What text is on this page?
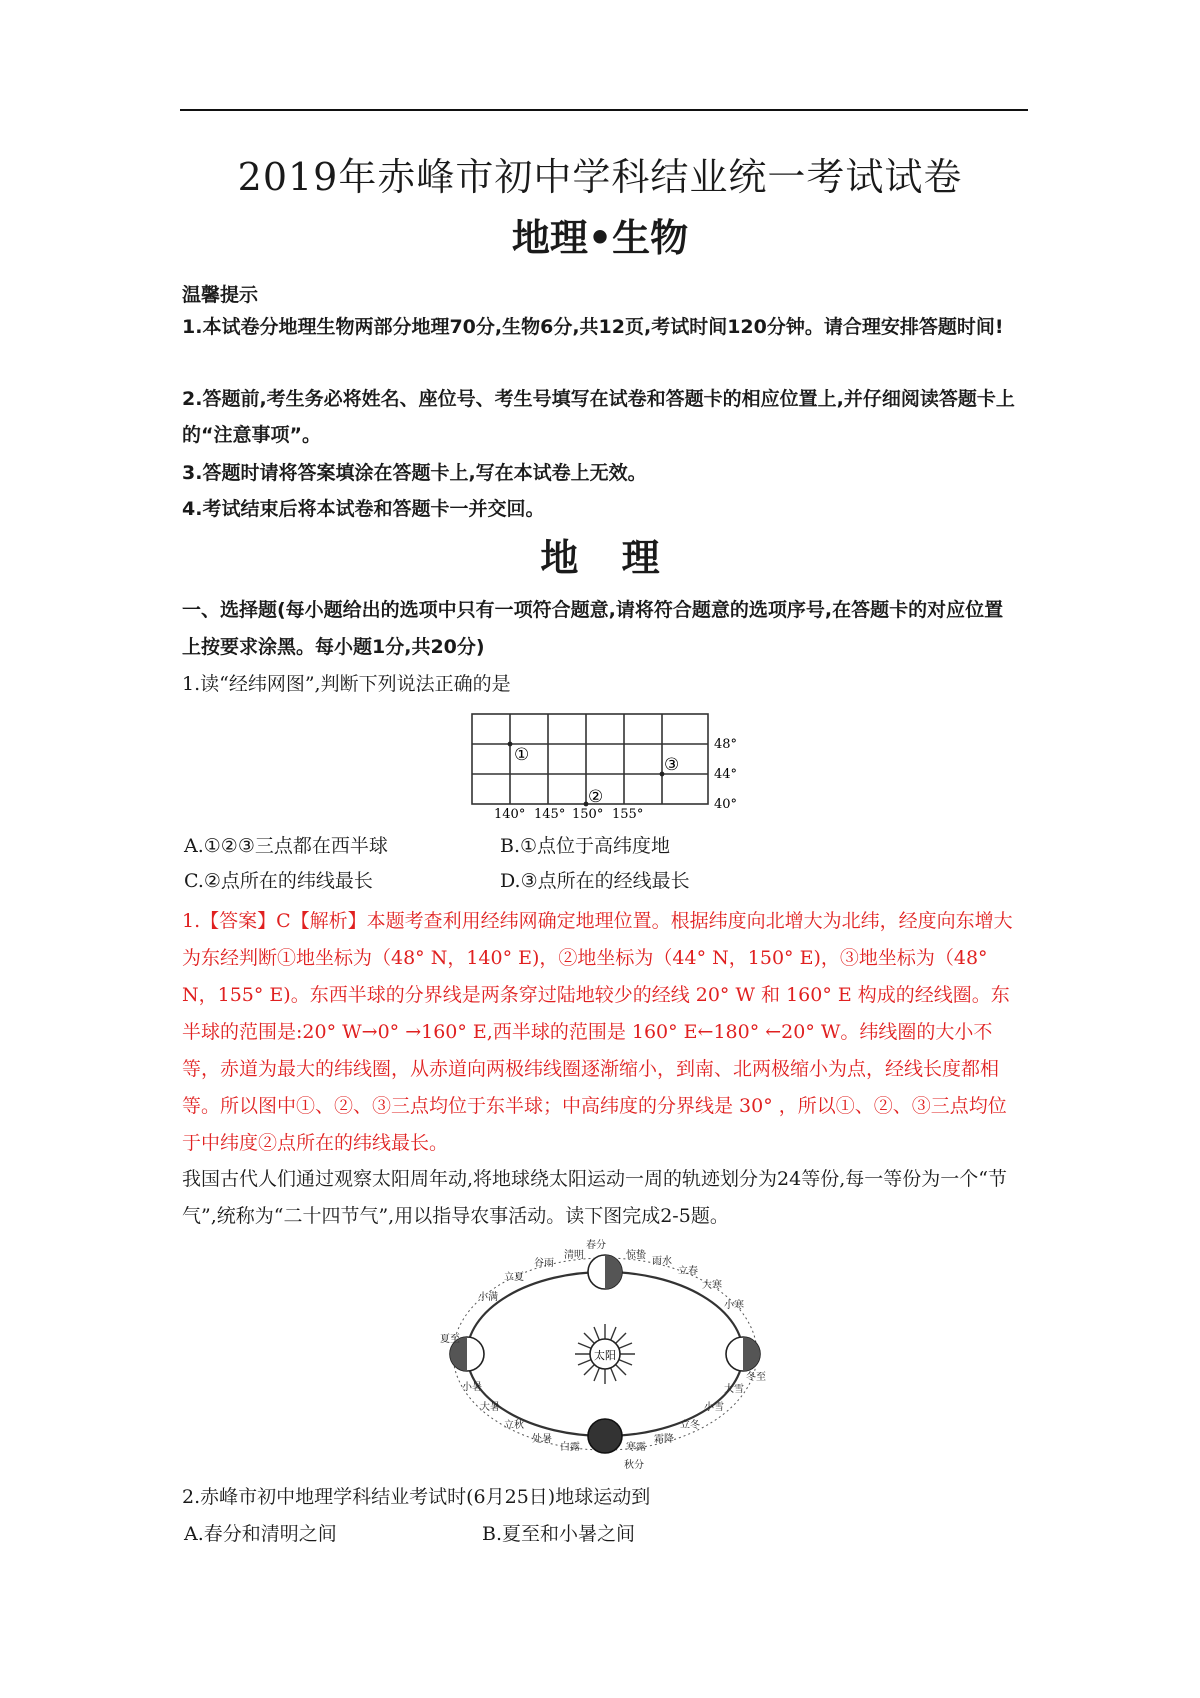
2019年赤峰市初中学科结业统一考试试卷
地理•生物
温馨提示
1.本试卷分地理生物两部分地理70分,生物6分,共12页,考试时间120分钟。请合理安排答题时间!
2.答题前,考生务必将姓名、座位号、考生号填写在试卷和答题卡的相应位置上,并仔细阅读答题卡上的“注意事项”。
3.答题时请将答案填涂在答题卡上,写在本试卷上无效。
4.考试结束后将本试卷和答题卡一并交回。
地 理
一、选择题(每小题给出的选项中只有一项符合题意,请将符合题意的选项序号,在答题卡的对应位置上按要求涂黑。每小题1分,共20分)
1.读“经纬网图”,判断下列说法正确的是
①
②
③
48°
44°
40°
140° 145° 150° 155°
A.①②③三点都在西半球	B.①点位于高纬度地
C.②点所在的纬线最长	D.③点所在的经线最长
1.【答案】C【解析】本题考查利用经纬网确定地理位置。根据纬度向北增大为北纬，经度向东增大为东经判断①地坐标为（48° N，140° E)，②地坐标为（44° N，150° E)，③地坐标为（48° N，155° E)。东西半球的分界线是两条穿过陆地较少的经线 20° W 和 160° E 构成的经线圈。东半球的范围是:20° W→0° →160° E,西半球的范围是 160° E←180° ←20° W。纬线圈的大小不等，赤道为最大的纬线圈，从赤道向两极纬线圈逐渐缩小，到南、北两极缩小为点，经线长度都相等。所以图中①、②、③三点均位于东半球；中高纬度的分界线是 30° ，所以①、②、③三点均位于中纬度②点所在的纬线最长。
我国古代人们通过观察太阳周年动,将地球绕太阳运动一周的轨迹划分为24等份,每一等份为一个“节气”,统称为“二十四节气”,用以指导农事活动。读下图完成2-5题。
太阳
春分
冬至
秋分
夏至
小满
立夏
谷雨
清明	惊蛰
雨水
立春
大寒
小寒
小暑
大暑
立秋
处暑
白露	寒露
霜降
立冬
小雪
大雪
2.赤峰市初中地理学科结业考试时(6月25日)地球运动到
A.春分和清明之间	B.夏至和小暑之间
